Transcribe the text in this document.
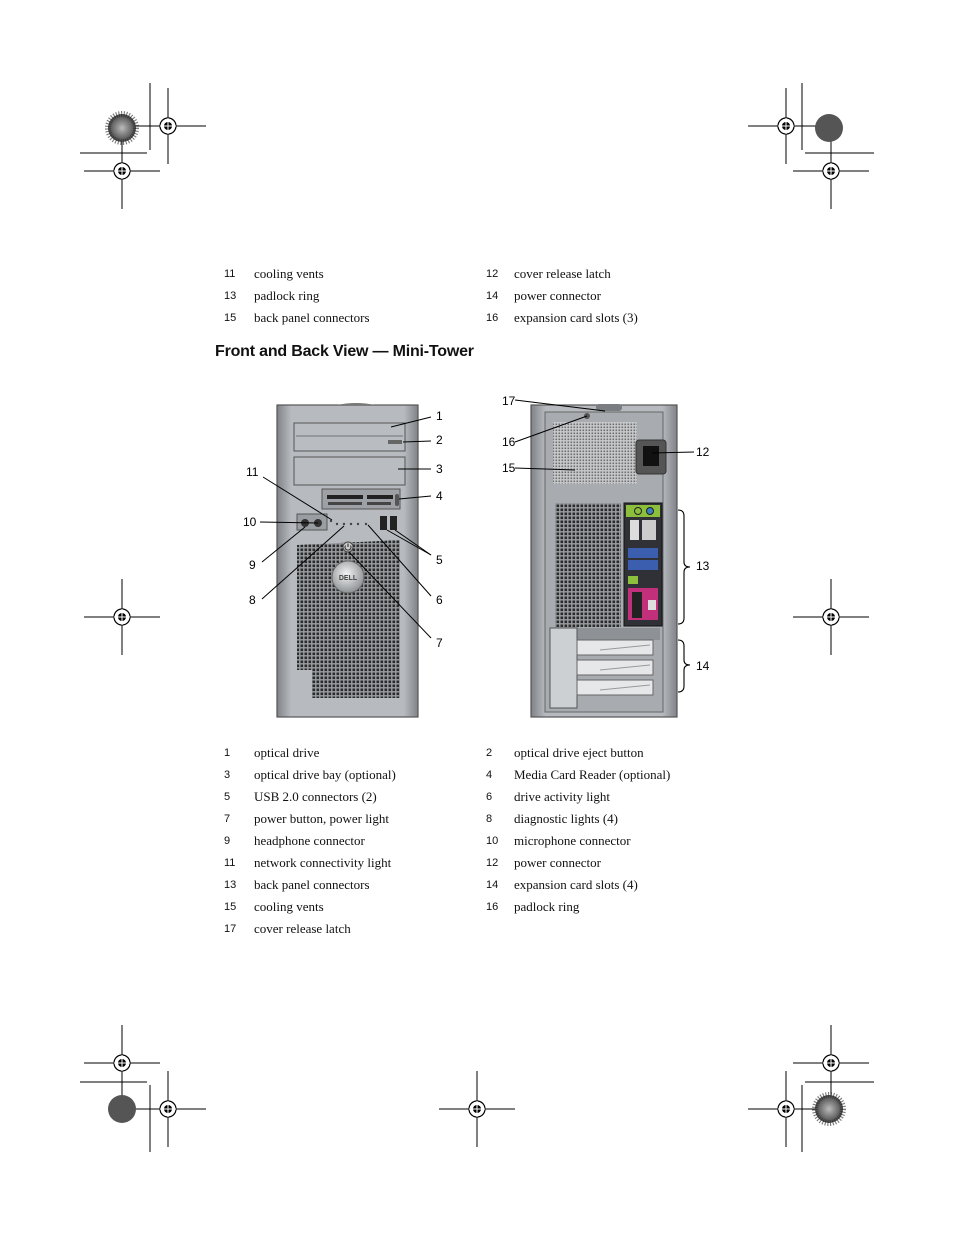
11 cooling vents	12 cover release latch
13 padlock ring	14 power connector
15 back panel connectors	16 expansion card slots (3)
Front and Back View — Mini-Tower
DELL
1
2
3
4
5
6
7
8
9
10
11
12
13
14
15
16
17
1 optical drive	2 optical drive eject button
3 optical drive bay (optional)	4 Media Card Reader (optional)
5 USB 2.0 connectors (2)	6 drive activity light
7 power button, power light	8 diagnostic lights (4)
9 headphone connector	10 microphone connector
11 network connectivity light	12 power connector
13 back panel connectors	14 expansion card slots (4)
15 cooling vents	16 padlock ring
17 cover release latch
